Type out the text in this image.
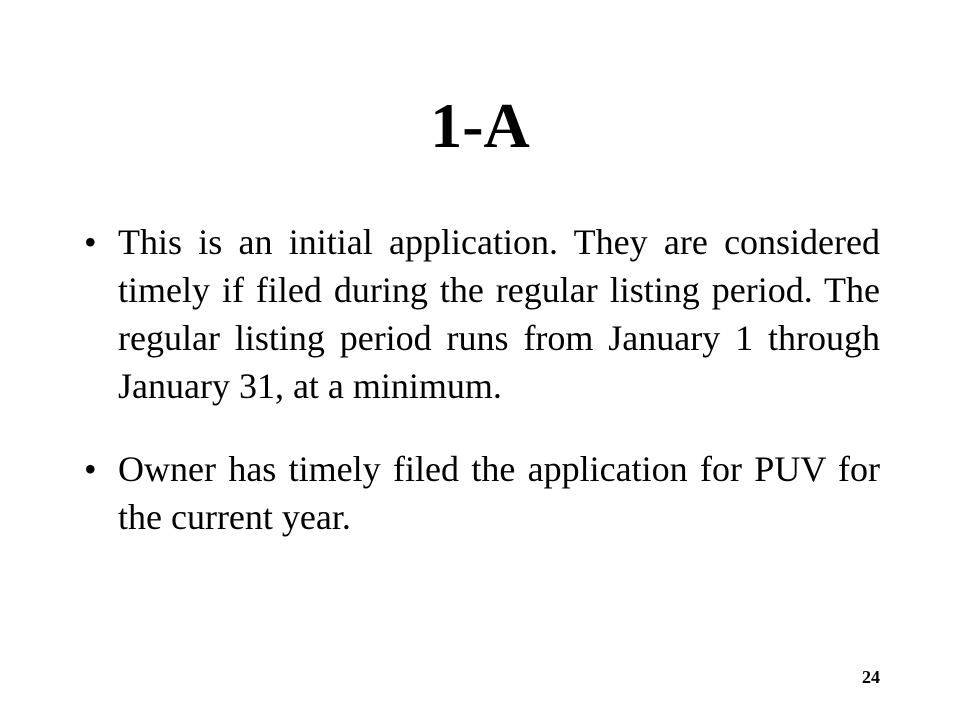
1-A
• This is an initial application. They are considered timely if filed during the regular listing period. The regular listing period runs from January 1 through January 31, at a minimum.
• Owner has timely filed the application for PUV for the current year.
24
